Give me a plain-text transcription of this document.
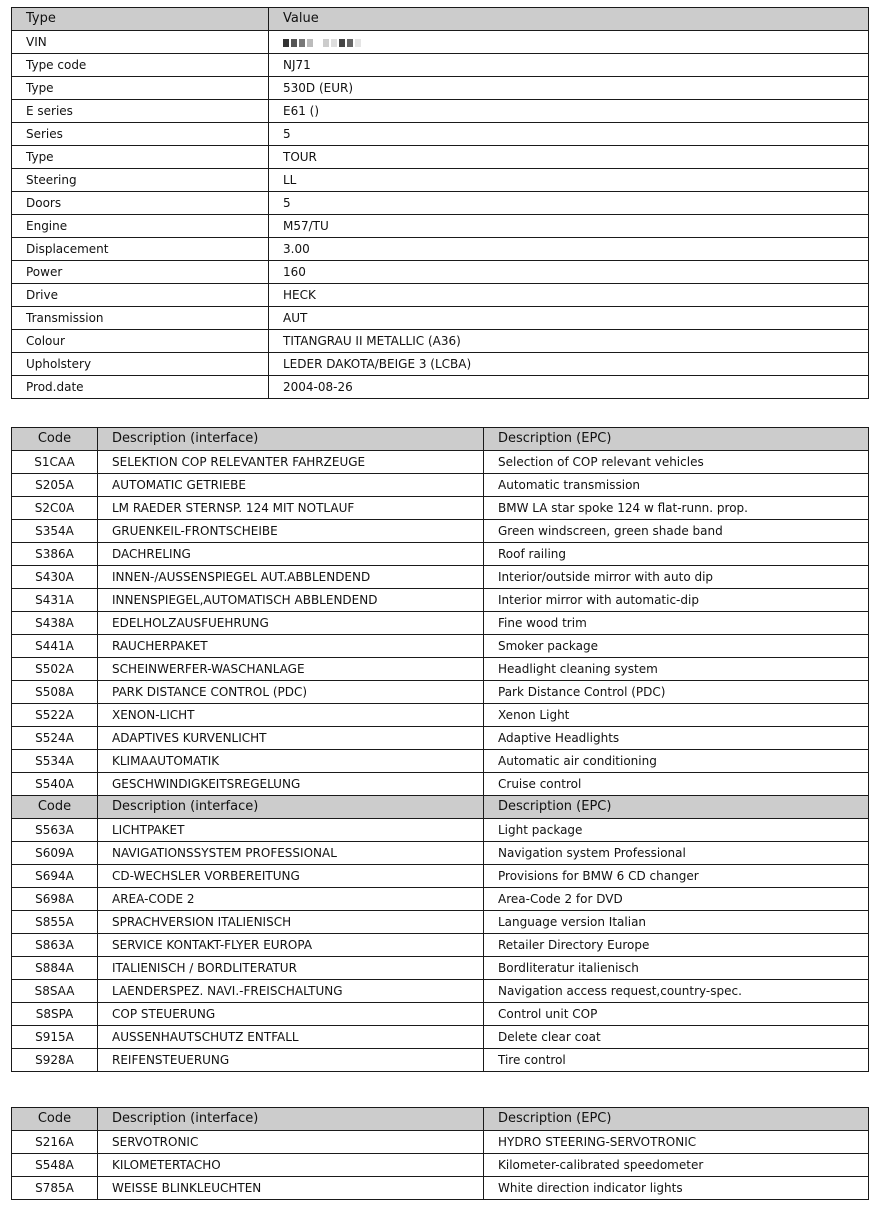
Type	Value
VIN	

Type code	NJ71
Type	530D (EUR)
E series	E61 ()
Series	5
Type	TOUR
Steering	LL
Doors	5
Engine	M57/TU
Displacement	3.00
Power	160
Drive	HECK
Transmission	AUT
Colour	TITANGRAU II METALLIC (A36)
Upholstery	LEDER DAKOTA/BEIGE 3 (LCBA)
Prod.date	2004-08-26
Code	Description (interface)	Description (EPC)
S1CAA	SELEKTION COP RELEVANTER FAHRZEUGE	Selection of COP relevant vehicles
S205A	AUTOMATIC GETRIEBE	Automatic transmission
S2C0A	LM RAEDER STERNSP. 124 MIT NOTLAUF	BMW LA star spoke 124 w flat-runn. prop.
S354A	GRUENKEIL-FRONTSCHEIBE	Green windscreen, green shade band
S386A	DACHRELING	Roof railing
S430A	INNEN-/AUSSENSPIEGEL AUT.ABBLENDEND	Interior/outside mirror with auto dip
S431A	INNENSPIEGEL,AUTOMATISCH ABBLENDEND	Interior mirror with automatic-dip
S438A	EDELHOLZAUSFUEHRUNG	Fine wood trim
S441A	RAUCHERPAKET	Smoker package
S502A	SCHEINWERFER-WASCHANLAGE	Headlight cleaning system
S508A	PARK DISTANCE CONTROL (PDC)	Park Distance Control (PDC)
S522A	XENON-LICHT	Xenon Light
S524A	ADAPTIVES KURVENLICHT	Adaptive Headlights
S534A	KLIMAAUTOMATIK	Automatic air conditioning
S540A	GESCHWINDIGKEITSREGELUNG	Cruise control
Code	Description (interface)	Description (EPC)
S563A	LICHTPAKET	Light package
S609A	NAVIGATIONSSYSTEM PROFESSIONAL	Navigation system Professional
S694A	CD-WECHSLER VORBEREITUNG	Provisions for BMW 6 CD changer
S698A	AREA-CODE 2	Area-Code 2 for DVD
S855A	SPRACHVERSION ITALIENISCH	Language version Italian
S863A	SERVICE KONTAKT-FLYER EUROPA	Retailer Directory Europe
S884A	ITALIENISCH / BORDLITERATUR	Bordliteratur italienisch
S8SAA	LAENDERSPEZ. NAVI.-FREISCHALTUNG	Navigation access request,country-spec.
S8SPA	COP STEUERUNG	Control unit COP
S915A	AUSSENHAUTSCHUTZ ENTFALL	Delete clear coat
S928A	REIFENSTEUERUNG	Tire control
Code	Description (interface)	Description (EPC)
S216A	SERVOTRONIC	HYDRO STEERING-SERVOTRONIC
S548A	KILOMETERTACHO	Kilometer-calibrated speedometer
S785A	WEISSE BLINKLEUCHTEN	White direction indicator lights
